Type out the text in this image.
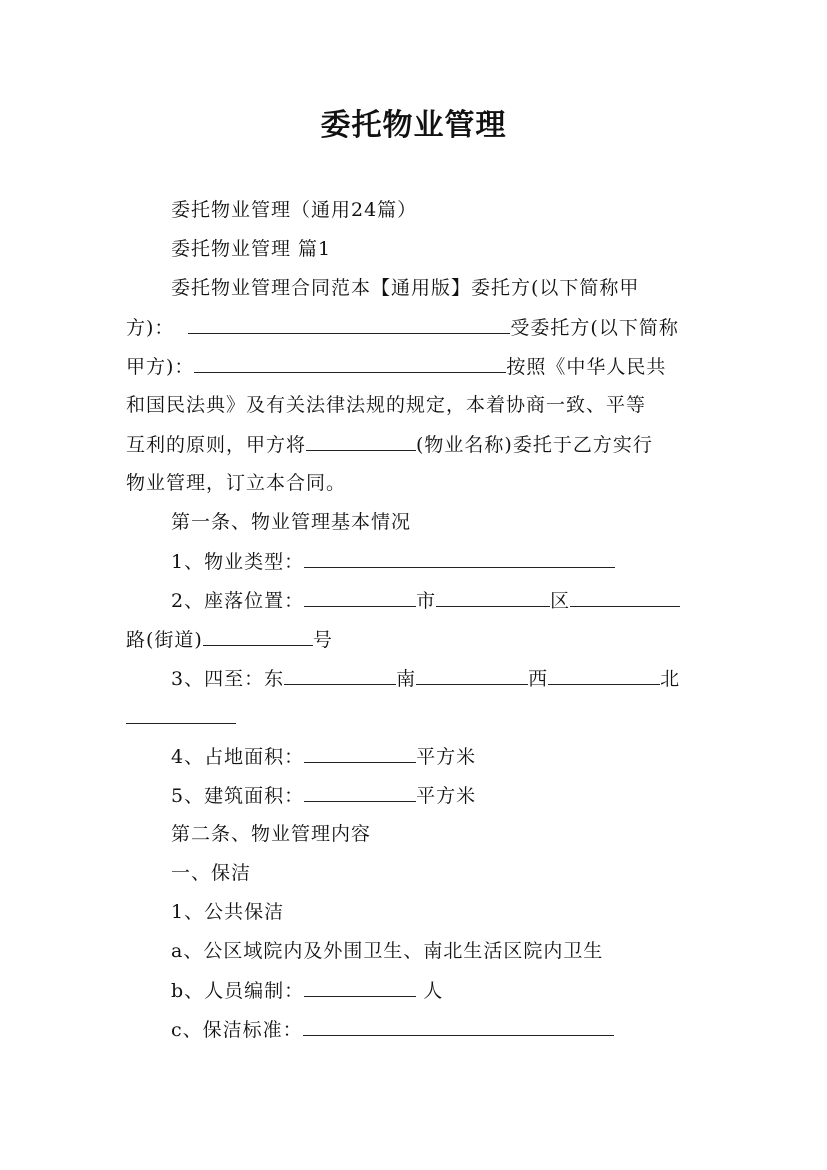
委托物业管理
委托物业管理（通用24篇）
委托物业管理 篇1
委托物业管理合同范本【通用版】委托方(以下简称甲
方)：	受委托方(以下简称
甲方)：	按照《中华人民共
和国民法典》及有关法律法规的规定，本着协商一致、平等
互利的原则，甲方将	(物业名称)委托于乙方实行
物业管理，订立本合同。
第一条、物业管理基本情况
1、物业类型：
2、座落位置：	市	区
路(街道)	号
3、四至：东	南	西	北
4、占地面积：	平方米
5、建筑面积：	平方米
第二条、物业管理内容
一、保洁
1、公共保洁
a、公区域院内及外围卫生、南北生活区院内卫生
b、人员编制：	人
c、保洁标准：
